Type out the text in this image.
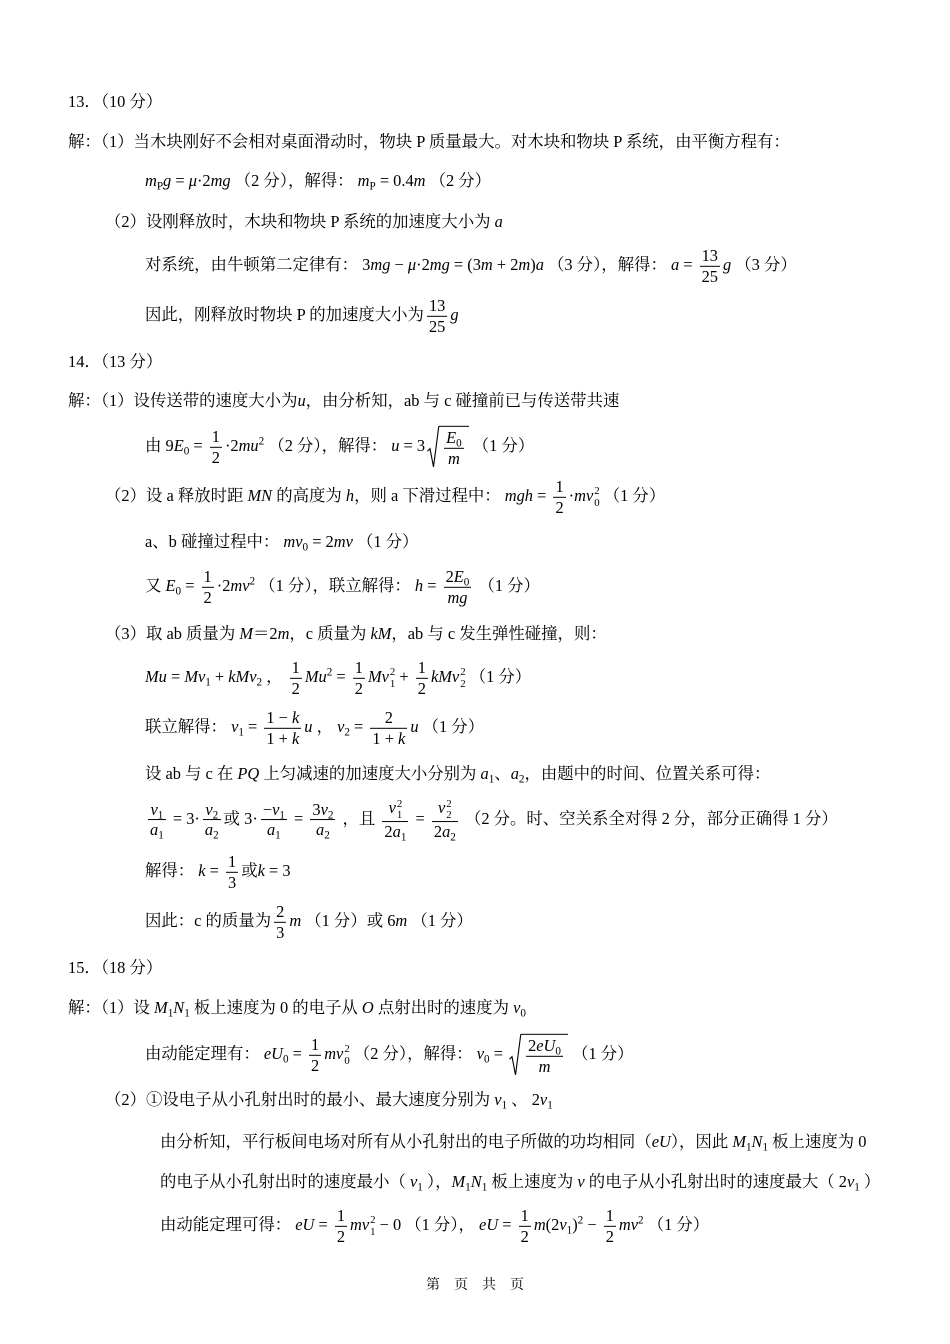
13．（10 分）
解：（1）当木块刚好不会相对桌面滑动时，物块 P 质量最大。对木块和物块 P 系统，由平衡方程有：
$m_Pg = \mu\cdot 2mg$ （2 分），解得： $m_P = 0.4m$ （2 分）
（2）设刚释放时，木块和物块 P 系统的加速度大小为 a
对系统，由牛顿第二定律有： 3mg − μ·2mg = (3m + 2m)a （3 分），解得： $a = \frac{13}{25}$ g （3 分）
因此，刚释放时物块 P 的加速度大小为 $\frac{13}{25}$ g
14．（13 分）
解：（1）设传送带的速度大小为u，由分析知，ab 与 c 碰撞前已与传送带共速
由 $9E_0 = \frac{1}{2} \cdot 2mu^2$ （2 分），解得： $u = 3 \frac{E_0}{m} (1$ 分）
（2）设 a 释放时距 MN 的高度为 h，则 a 下滑过程中： mgh = $\frac{1}{2} \cdot mv$ 2
0 （1 分）
a、b 碰撞过程中： $mv_0 = 2mv$ （1 分）
又 $E_0 = \frac{1}{2} \cdot 2mv^2$ （1 分），联立解得： $h = \frac{2E_0}{mg} (1$ 分）
（3）取 ab 质量为 M＝2m，c 质量为 kM，ab 与 c 发生弹性碰撞，则：
$Mu = Mv_1 + kMv_2$ ， $\frac{1}{2} Mu^2 = \frac{1}{2}$ Mv 2
$1 + \frac{1}{2}$ kMv 2
2 （1 分）
联立解得： $v_1 = \frac{1 - k}{1 + k}$ u ， $v_2 = \frac{2}{1 + k}$ u （1 分）
设 ab 与 c 在 PQ 上匀减速的加速度大小分别为 $a_1$、$a_2$，由题中的时间、位置关系可得：
$\frac{v_1}{a_1} = 3\cdot \frac{v_2}{a_2}$ 或 $3\cdot \frac{-v_1}{a_1} = \frac{3v_2}{a_2}$ ，且 v 2
1
$2a_1 = v$ 2
2
$2a_2$ （2 分。时、空关系全对得 2 分，部分正确得 1 分）
解得： $k = \frac{1}{3}$ 或k = 3
因此：c 的质量为 $\frac{2}{3}$ m （1 分）或 6m （1 分）
15．（18 分）
解：（1）设 $M_1N_1$ 板上速度为 0 的电子从 O 点射出时的速度为 $v_0$
由动能定理有： $eU_0 = \frac{1}{2}$ mv 2
0 （2 分），解得： $v_0 = \frac{2eU_0}{m} (1$ 分）
（2）①设电子从小孔射出时的最小、最大速度分别为 $v_1$ 、 $2v_1$
由分析知，平行板间电场对所有从小孔射出的电子所做的功均相同（eU），因此 $M_1N_1$ 板上速度为 0
的电子从小孔射出时的速度最小（ $v_1$ ），$M_1N_1$ 板上速度为 v 的电子从小孔射出时的速度最大（ $2v_1$ ）
由动能定理可得： eU = $\frac{1}{2}$ mv 2
1 − 0 （1 分）， eU = $\frac{1}{2} m(2v_1)^2 - \frac{1}{2} mv^2$ （1 分）
第　页　共　页
